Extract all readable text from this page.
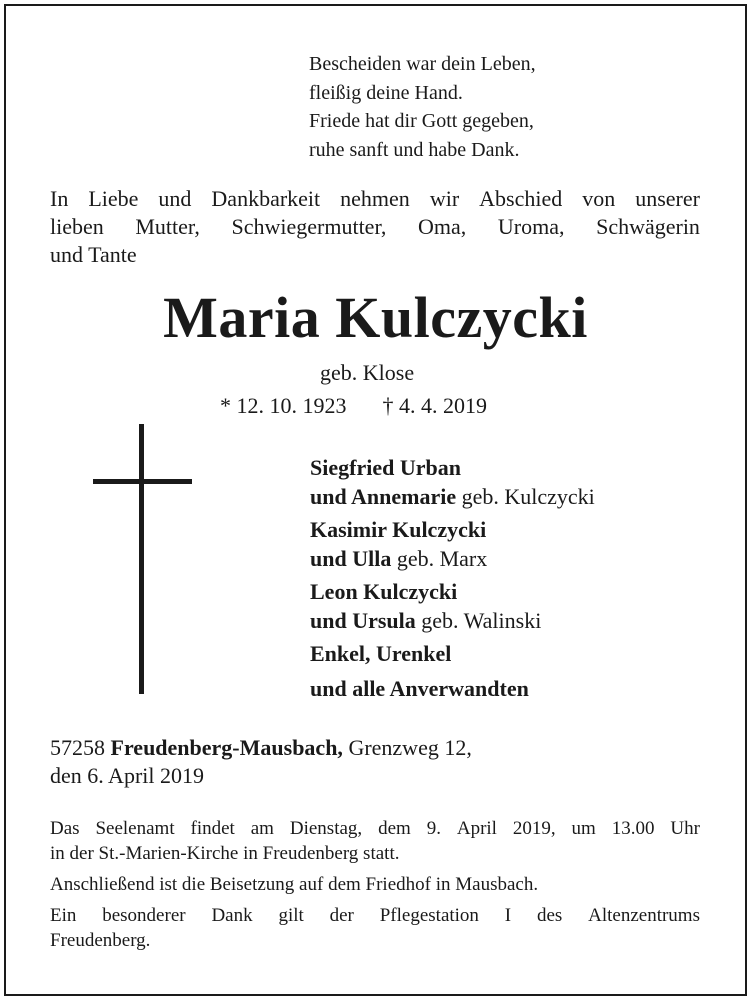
Bescheiden war dein Leben,
fleißig deine Hand.
Friede hat dir Gott gegeben,
ruhe sanft und habe Dank.
In Liebe und Dankbarkeit nehmen wir Abschied von unserer
lieben Mutter, Schwiegermutter, Oma, Uroma, Schwägerin
und Tante
Maria Kulczycki
geb. Klose
* 12. 10. 1923 † 4. 4. 2019
Siegfried Urban
und Annemarie geb. Kulczycki
Kasimir Kulczycki
und Ulla geb. Marx
Leon Kulczycki
und Ursula geb. Walinski
Enkel, Urenkel
und alle Anverwandten
57258 Freudenberg-Mausbach, Grenzweg 12,
den 6. April 2019

Das Seelenamt findet am Dienstag, dem 9. April 2019, um 13.00 Uhr
in der St.-Marien-Kirche in Freudenberg statt.

Anschließend ist die Beisetzung auf dem Friedhof in Mausbach.

Ein besonderer Dank gilt der Pflegestation I des Altenzentrums
Freudenberg.
